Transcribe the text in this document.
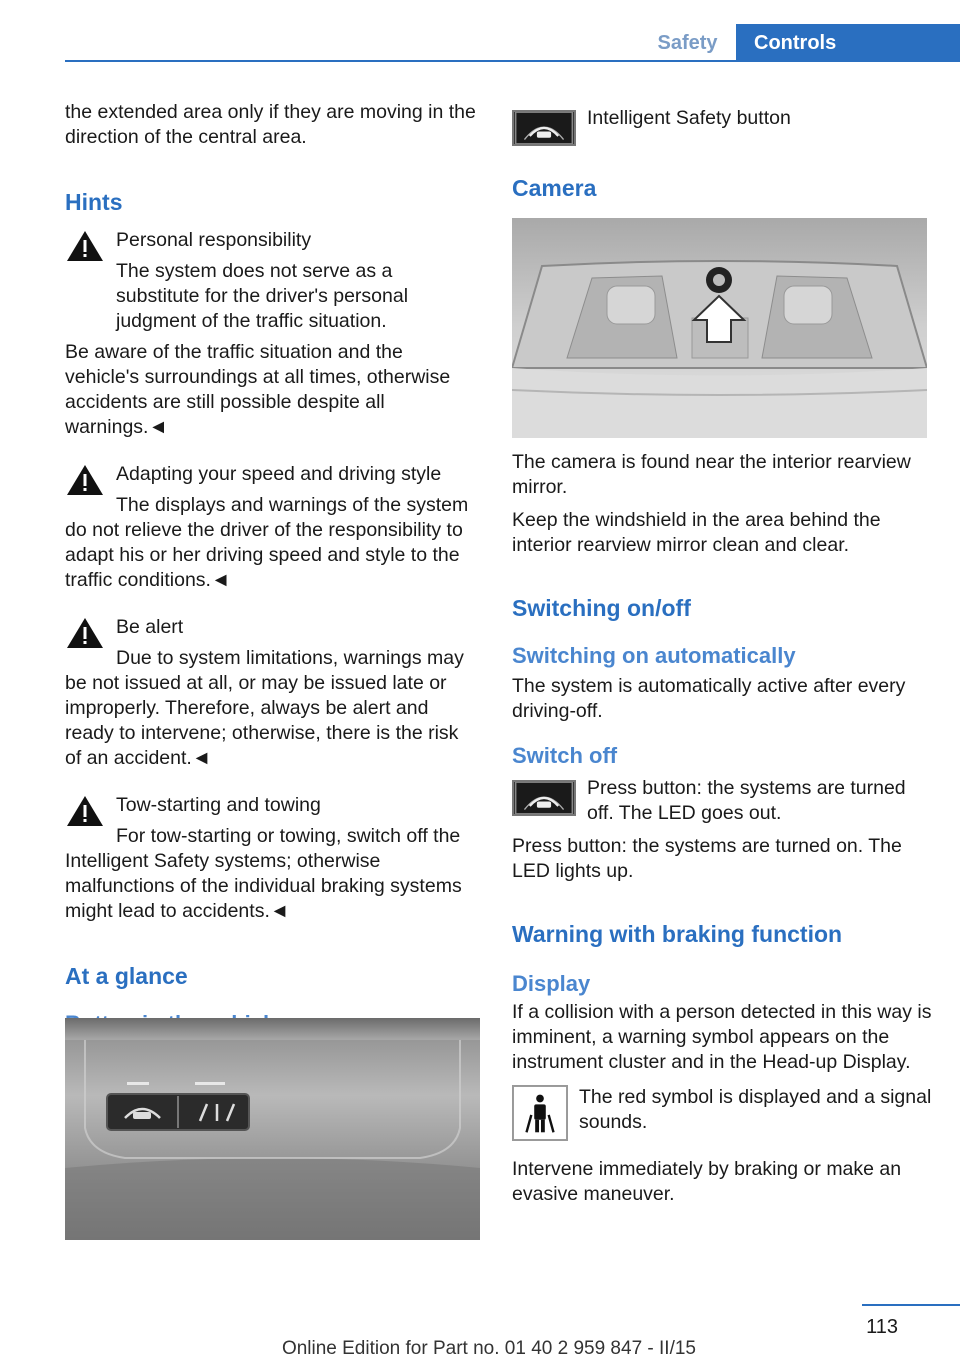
Safety	Controls

the extended area only if they are moving in the direction of the central area.

Hints

Personal responsibility

The system does not serve as a substitute for the driver's personal judgment of the traffic situation.

Be aware of the traffic situation and the vehicle's surroundings at all times, otherwise accidents are still possible despite all warnings.◄

Adapting your speed and driving style

The displays and warnings of the system do not relieve the driver of the responsibility to adapt his or her driving speed and style to the traffic conditions.◄

Be alert

Due to system limitations, warnings may be not issued at all, or may be issued late or improperly. Therefore, always be alert and ready to intervene; otherwise, there is the risk of an accident.◄

Tow-starting and towing

For tow-starting or towing, switch off the Intelligent Safety systems; otherwise malfunctions of the individual braking systems might lead to accidents.◄

At a glance

Intelligent Safety button

Camera

The camera is found near the interior rearview mirror.

Keep the windshield in the area behind the interior rearview mirror clean and clear.

Switching on/off
Switching on automatically

The system is automatically active after every driving-off.

Switch off

Press button: the systems are turned off. The LED goes out.

Press button: the systems are turned on. The LED lights up.

Warning with braking function
Display

If a collision with a person detected in this way is imminent, a warning symbol appears on the instrument cluster and in the Head-up Display.

The red symbol is displayed and a signal sounds.

Intervene immediately by braking or make an evasive maneuver.

113
Online Edition for Part no. 01 40 2 959 847 - II/15
